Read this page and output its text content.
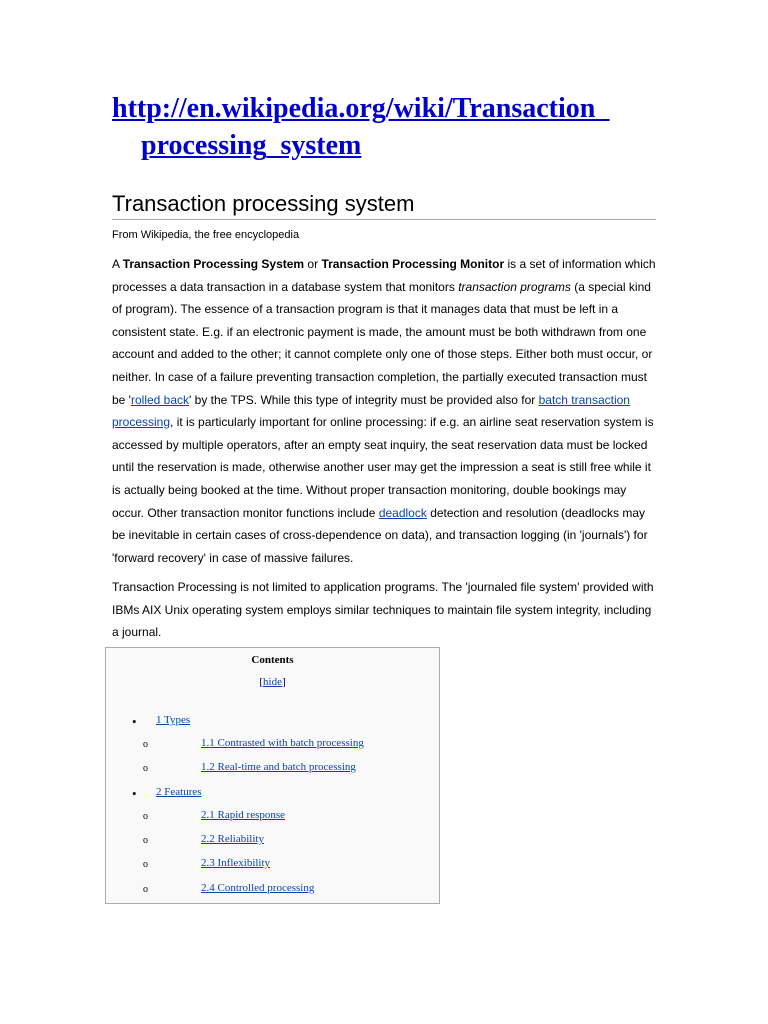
http://en.wikipedia.org/wiki/Transaction_
processing_system
Transaction processing system
From Wikipedia, the free encyclopedia

A Transaction Processing System or Transaction Processing Monitor is a set of information which processes a data transaction in a database system that monitors transaction programs (a special kind of program). The essence of a transaction program is that it manages data that must be left in a consistent state. E.g. if an electronic payment is made, the amount must be both withdrawn from one account and added to the other; it cannot complete only one of those steps. Either both must occur, or neither. In case of a failure preventing transaction completion, the partially executed transaction must be 'rolled back' by the TPS. While this type of integrity must be provided also for batch transaction processing, it is particularly important for online processing: if e.g. an airline seat reservation system is accessed by multiple operators, after an empty seat inquiry, the seat reservation data must be locked until the reservation is made, otherwise another user may get the impression a seat is still free while it is actually being booked at the time. Without proper transaction monitoring, double bookings may occur. Other transaction monitor functions include deadlock detection and resolution (deadlocks may be inevitable in certain cases of cross-dependence on data), and transaction logging (in 'journals') for 'forward recovery' in case of massive failures.

Transaction Processing is not limited to application programs. The 'journaled file system' provided with IBMs AIX Unix operating system employs similar techniques to maintain file system integrity, including a journal.

Contents
[hide]
• 1 Types
o	1.1 Contrasted with batch processing
o	1.2 Real-time and batch processing
• 2 Features
o	2.1 Rapid response
o	2.2 Reliability
o	2.3 Inflexibility
o	2.4 Controlled processing
